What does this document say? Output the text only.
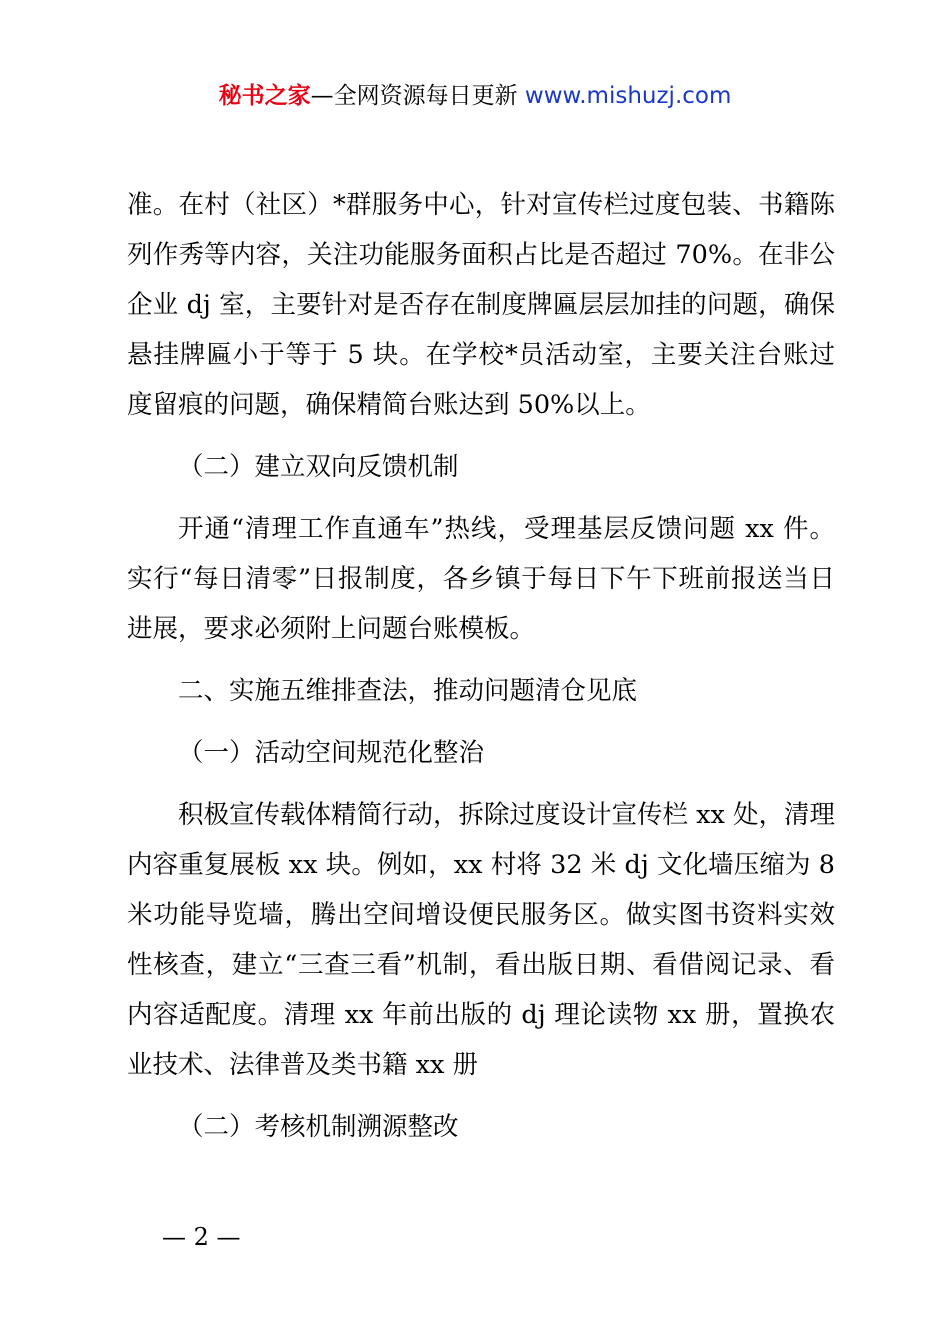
秘书之家—全网资源每日更新 www.mishuzj.com

准。在村（社区）*群服务中心，针对宣传栏过度包装、书籍陈列作秀等内容，关注功能服务面积占比是否超过 70%。在非公企业 dj 室，主要针对是否存在制度牌匾层层加挂的问题，确保悬挂牌匾小于等于 5 块。在学校*员活动室，主要关注台账过度留痕的问题，确保精简台账达到 50%以上。

（二）建立双向反馈机制

开通“清理工作直通车”热线，受理基层反馈问题 xx 件。实行“每日清零”日报制度，各乡镇于每日下午下班前报送当日进展，要求必须附上问题台账模板。

二、实施五维排查法，推动问题清仓见底

（一）活动空间规范化整治

积极宣传载体精简行动，拆除过度设计宣传栏 xx 处，清理内容重复展板 xx 块。例如，xx 村将 32 米 dj 文化墙压缩为 8 米功能导览墙，腾出空间增设便民服务区。做实图书资料实效性核查，建立“三查三看”机制，看出版日期、看借阅记录、看内容适配度。清理 xx 年前出版的 dj 理论读物 xx 册，置换农业技术、法律普及类书籍 xx 册

（二）考核机制溯源整改

— 2 —
